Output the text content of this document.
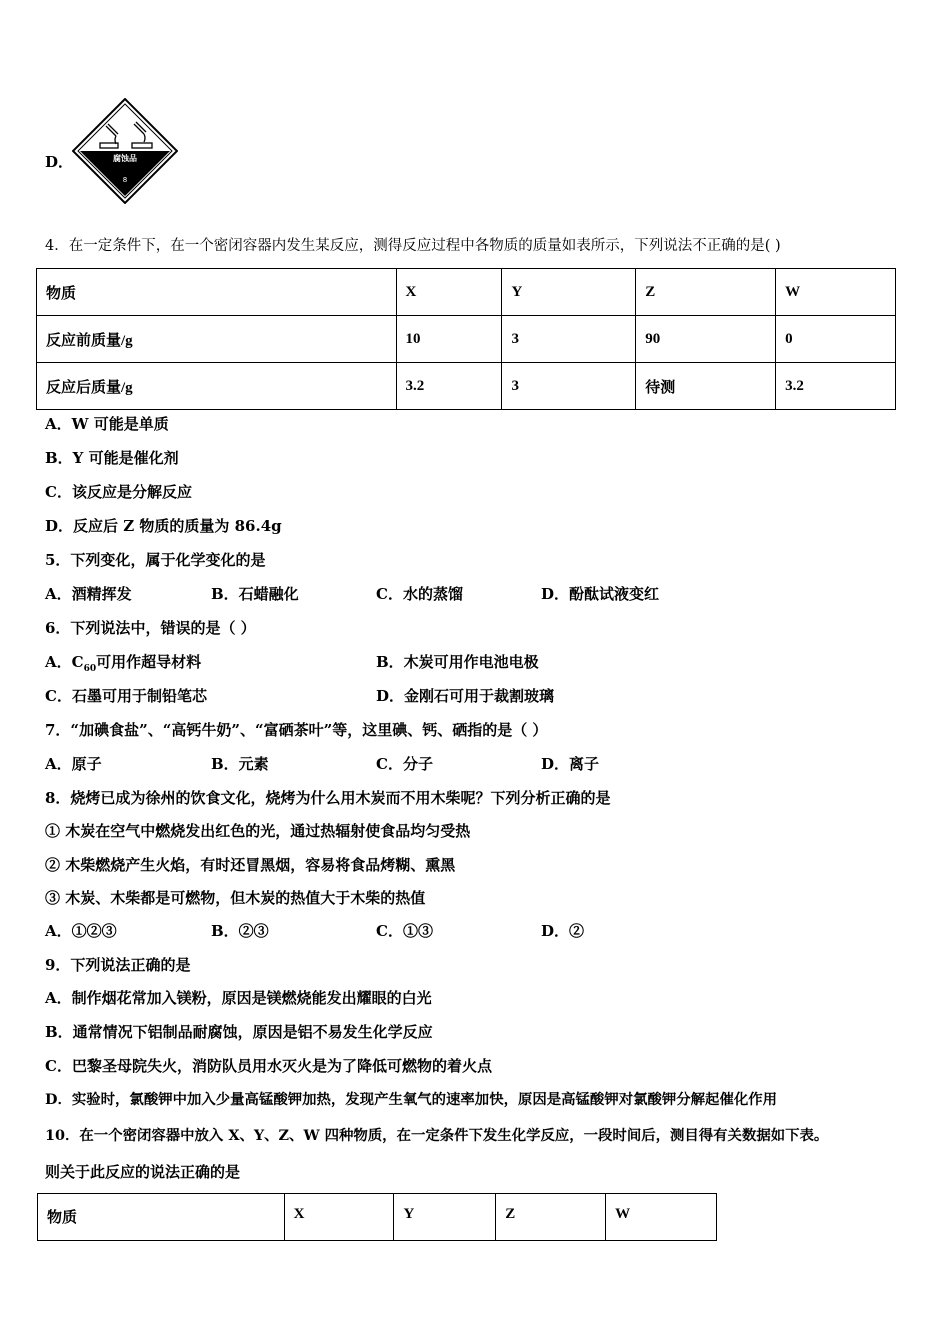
D．	腐蚀品
8
4．在一定条件下，在一个密闭容器内发生某反应，测得反应过程中各物质的质量如表所示，下列说法不正确的是( )
物质	X	Y	Z	W
反应前质量/g	10	3	90	0
反应后质量/g	3.2	3	待测	3.2
A．W 可能是单质
B．Y 可能是催化剂
C．该反应是分解反应
D．反应后 Z 物质的质量为 86.4g
5．下列变化，属于化学变化的是
A．酒精挥发	B．石蜡融化	C．水的蒸馏	D．酚酞试液变红
6．下列说法中，错误的是（ ）
A．$C_{60}$可用作超导材料	B．木炭可用作电池电极
C．石墨可用于制铅笔芯	D．金刚石可用于裁割玻璃
7．“加碘食盐”、“高钙牛奶”、“富硒茶叶”等，这里碘、钙、硒指的是（ ）
A．原子	B．元素	C．分子	D．离子
8．烧烤已成为徐州的饮食文化，烧烤为什么用木炭而不用木柴呢？下列分析正确的是
① 木炭在空气中燃烧发出红色的光，通过热辐射使食品均匀受热
② 木柴燃烧产生火焰，有时还冒黑烟，容易将食品烤糊、熏黑
③ 木炭、木柴都是可燃物，但木炭的热值大于木柴的热值
A．①②③	B．②③	C．①③	D．②
9．下列说法正确的是
A．制作烟花常加入镁粉，原因是镁燃烧能发出耀眼的白光
B．通常情况下铝制品耐腐蚀，原因是铝不易发生化学反应
C．巴黎圣母院失火，消防队员用水灭火是为了降低可燃物的着火点
D．实验时，氯酸钾中加入少量高锰酸钾加热，发现产生氧气的速率加快，原因是高锰酸钾对氯酸钾分解起催化作用
10．在一个密闭容器中放入 X、Y、Z、W 四种物质，在一定条件下发生化学反应，一段时间后，测目得有关数据如下表。
则关于此反应的说法正确的是
物质	X	Y	Z	W
